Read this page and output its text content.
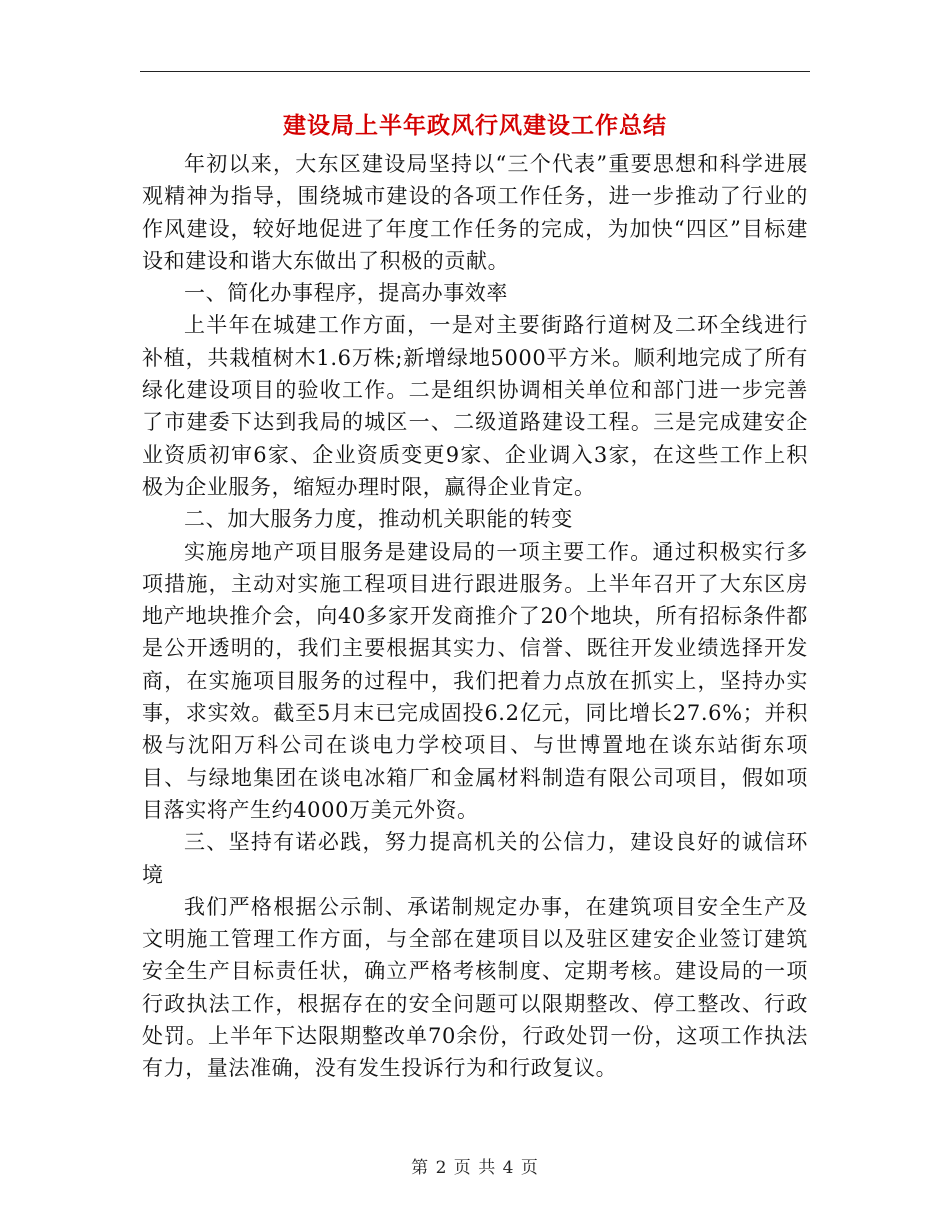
建设局上半年政风行风建设工作总结

年初以来，大东区建设局坚持以“三个代表”重要思想和科学进展观精神为指导，围绕城市建设的各项工作任务，进一步推动了行业的作风建设，较好地促进了年度工作任务的完成，为加快“四区”目标建设和建设和谐大东做出了积极的贡献。

一、简化办事程序，提高办事效率

上半年在城建工作方面，一是对主要街路行道树及二环全线进行补植，共栽植树木1.6万株;新增绿地5000平方米。顺利地完成了所有绿化建设项目的验收工作。二是组织协调相关单位和部门进一步完善了市建委下达到我局的城区一、二级道路建设工程。三是完成建安企业资质初审6家、企业资质变更9家、企业调入3家，在这些工作上积极为企业服务，缩短办理时限，赢得企业肯定。

二、加大服务力度，推动机关职能的转变

实施房地产项目服务是建设局的一项主要工作。通过积极实行多项措施，主动对实施工程项目进行跟进服务。上半年召开了大东区房地产地块推介会，向40多家开发商推介了20个地块，所有招标条件都是公开透明的，我们主要根据其实力、信誉、既往开发业绩选择开发商，在实施项目服务的过程中，我们把着力点放在抓实上，坚持办实事，求实效。截至5月末已完成固投6.2亿元，同比增长27.6%；并积极与沈阳万科公司在谈电力学校项目、与世博置地在谈东站街东项目、与绿地集团在谈电冰箱厂和金属材料制造有限公司项目，假如项目落实将产生约4000万美元外资。

三、坚持有诺必践，努力提高机关的公信力，建设良好的诚信环境

我们严格根据公示制、承诺制规定办事，在建筑项目安全生产及文明施工管理工作方面，与全部在建项目以及驻区建安企业签订建筑安全生产目标责任状，确立严格考核制度、定期考核。建设局的一项行政执法工作，根据存在的安全问题可以限期整改、停工整改、行政处罚。上半年下达限期整改单70余份，行政处罚一份，这项工作执法有力，量法准确，没有发生投诉行为和行政复议。

第 2 页 共 4 页
